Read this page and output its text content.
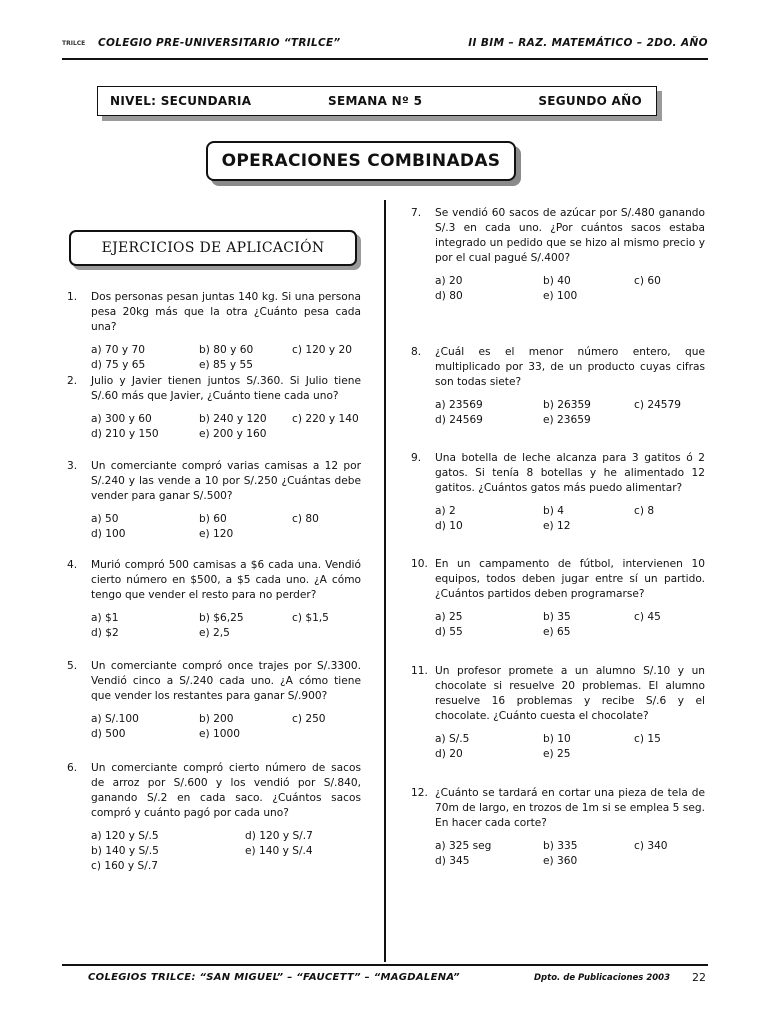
TRILCE	COLEGIO PRE-UNIVERSITARIO “TRILCE”	II BIM – RAZ. MATEMÁTICO – 2DO. AÑO
NIVEL: SECUNDARIA	SEMANA Nº 5	SEGUNDO AÑO
OPERACIONES COMBINADAS
EJERCICIOS DE APLICACIÓN
1. Dos personas pesan juntas 140 kg. Si una persona pesa 20kg más que la otra ¿Cuánto pesa cada una?
2. Julio y Javier tienen juntos S/.360. Si Julio tiene S/.60 más que Javier, ¿Cuánto tiene cada uno?
3. Un comerciante compró varias camisas a 12 por S/.240 y las vende a 10 por S/.250 ¿Cuántas debe vender para ganar S/.500?
4. Murió compró 500 camisas a $6 cada una. Vendió cierto número en $500, a $5 cada uno. ¿A cómo tengo que vender el resto para no perder?
5. Un comerciante compró once trajes por S/.3300. Vendió cinco a S/.240 cada uno. ¿A cómo tiene que vender los restantes para ganar S/.900?
6. Un comerciante compró cierto número de sacos de arroz por S/.600 y los vendió por S/.840, ganando S/.2 en cada saco. ¿Cuántos sacos compró y cuánto pagó por cada uno?
7. Se vendió 60 sacos de azúcar por S/.480 ganando S/.3 en cada uno. ¿Por cuántos sacos estaba integrado un pedido que se hizo al mismo precio y por el cual pagué S/.400?
8. ¿Cuál es el menor número entero, que multiplicado por 33, de un producto cuyas cifras son todas siete?
9. Una botella de leche alcanza para 3 gatitos ó 2 gatos. Si tenía 8 botellas y he alimentado 12 gatitos. ¿Cuántos gatos más puedo alimentar?
10. En un campamento de fútbol, intervienen 10 equipos, todos deben jugar entre sí un partido. ¿Cuántos partidos deben programarse?
11. Un profesor promete a un alumno S/.10 y un chocolate si resuelve 20 problemas. El alumno resuelve 16 problemas y recibe S/.6 y el chocolate. ¿Cuánto cuesta el chocolate?
12. ¿Cuánto se tardará en cortar una pieza de tela de 70m de largo, en trozos de 1m si se emplea 5 seg. En hacer cada corte?
a) 70 y 70	b) 80 y 60	c) 120 y 20
d) 75 y 65	e) 85 y 55
a) 300 y 60	b) 240 y 120 c) 220 y 140
d) 210 y 150	e) 200 y 160
a) 50	b) 60	c) 80
d) 100	e) 120
a) $1	b) $6,25	c) $1,5
d) $2	e) 2,5
a) S/.100	b) 200	c) 250
d) 500	e) 1000
a) 120 y S/.5	d) 120 y S/.7
b) 140 y S/.5	e) 140 y S/.4
c) 160 y S/.7
a) 20	b) 40	c) 60
d) 80	e) 100
a) 23569	b) 26359	c) 24579
d) 24569	e) 23659
a) 2	b) 4	c) 8
d) 10	e) 12
a) 25	b) 35	c) 45
d) 55	e) 65
a) S/.5	b) 10	c) 15
d) 20	e) 25
a) 325 seg	b) 335	c) 340
d) 345	e) 360
COLEGIOS TRILCE: “SAN MIGUEL” – “FAUCETT” – “MAGDALENA”	Dpto. de Publicaciones 2003 22
